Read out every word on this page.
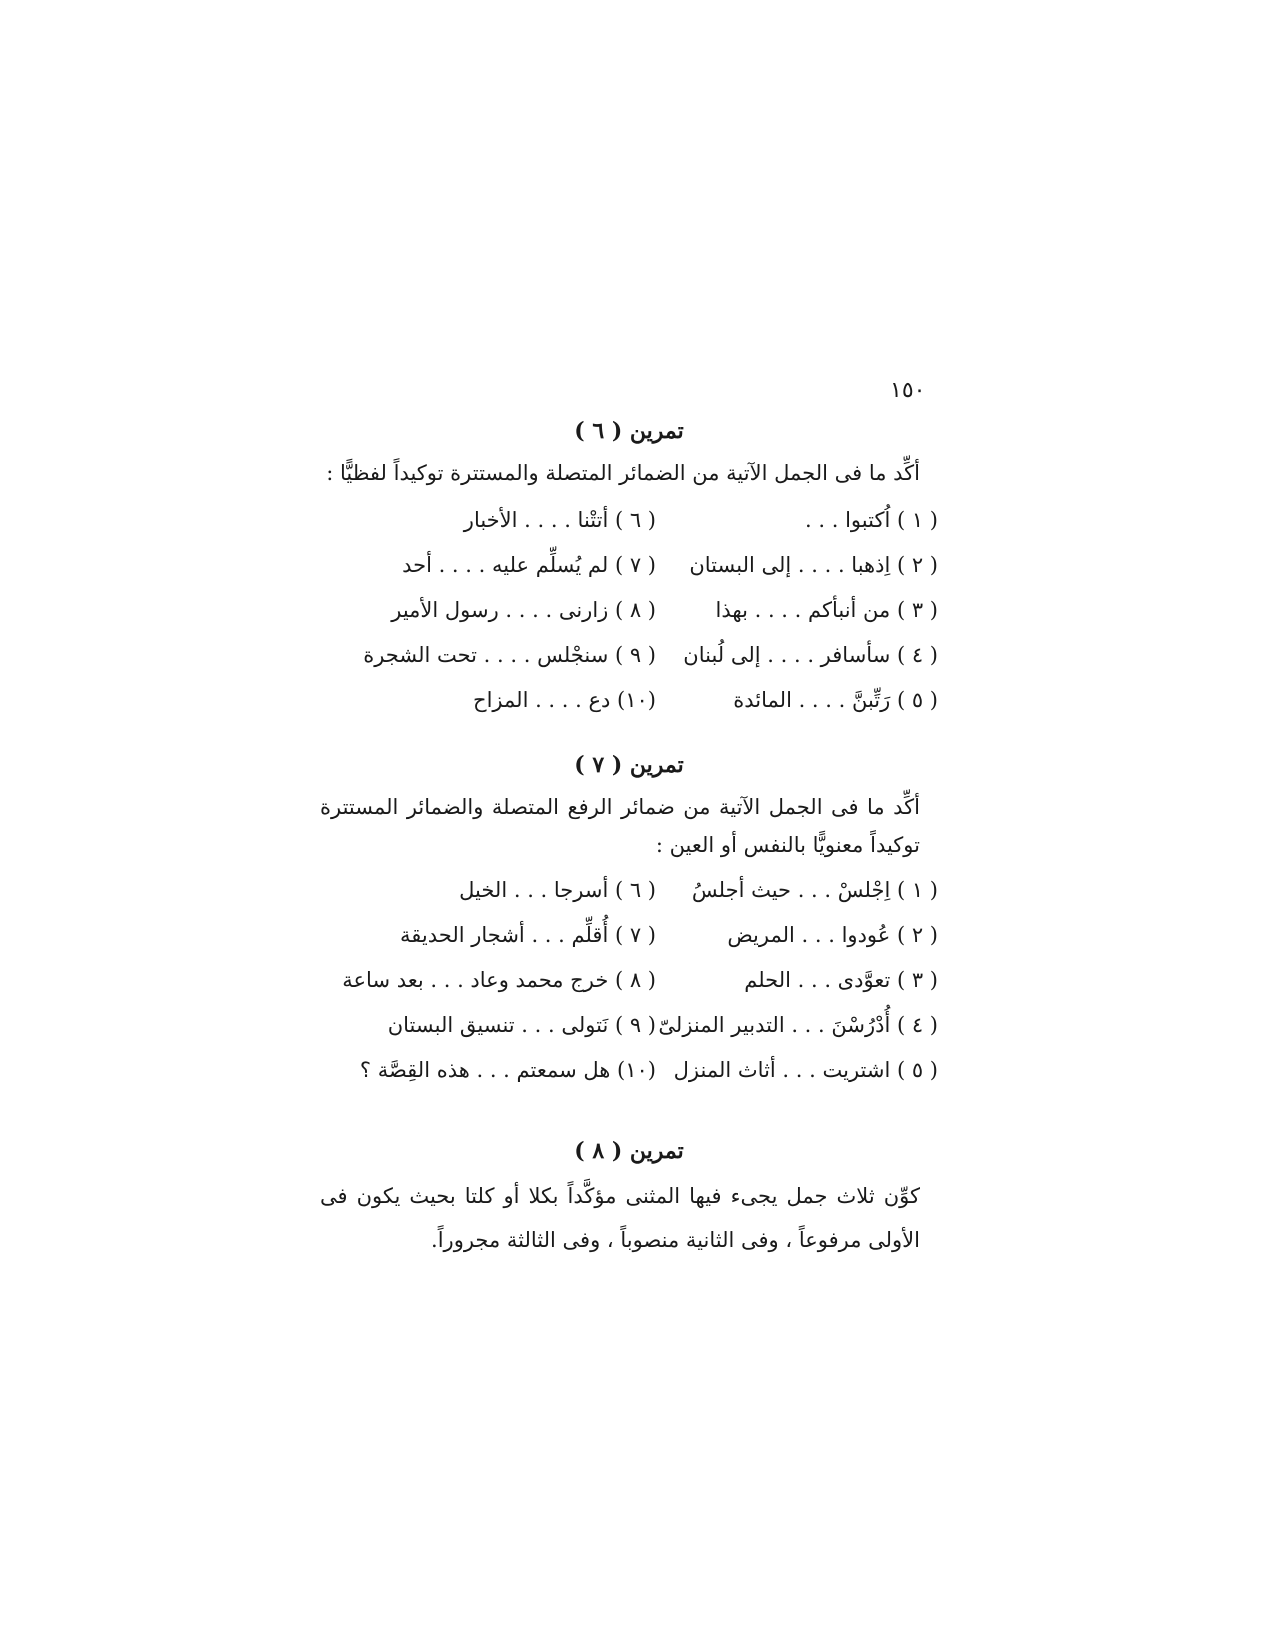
١٥٠
تمرين ( ٦ )
أكِّد ما فى الجمل الآتية من الضمائر المتصلة والمستترة توكيداً لفظيًّا :
( ١ ) اُكتبوا . . .
( ٦ ) أتتْنا . . . . الأخبار
( ٢ ) اِذهبا . . . . إلى البستان
( ٧ ) لم يُسلِّم عليه . . . . أحد
( ٣ ) من أنبأكم . . . . بهذا
( ٨ ) زارنى . . . . رسول الأمير
( ٤ ) سأسافر . . . . إلى لُبنان
( ٩ ) سنجْلس . . . . تحت الشجرة
( ٥ ) رَتِّبنَّ . . . . المائدة
(١٠) دع . . . . المزاح
تمرين ( ٧ )
أكِّد ما فى الجمل الآتية من ضمائر الرفع المتصلة والضمائر المستترة توكيداً معنويًّا بالنفس أو العين :
( ١ ) اِجْلسْ . . . حيث أجلسُ
( ٦ ) أسرجا . . . الخيل
( ٢ ) عُودوا . . . المريض
( ٧ ) أُقلِّم . . . أشجار الحديقة
( ٣ ) تعوَّدى . . . الحلم
( ٨ ) خرج محمد وعاد . . . بعد ساعة
( ٤ ) أُدْرُسْنَ . . . التدبير المنزلىّ
( ٩ ) نَتولى . . . تنسيق البستان
( ٥ ) اشتريت . . . أثاث المنزل
(١٠) هل سمعتم . . . هذه القِصَّة ؟
تمرين ( ٨ )
كوِّن ثلاث جمل يجىء فيها المثنى مؤكَّداً بكلا أو كلتا بحيث يكون فى الأولى مرفوعاً ، وفى الثانية منصوباً ، وفى الثالثة مجروراً.
